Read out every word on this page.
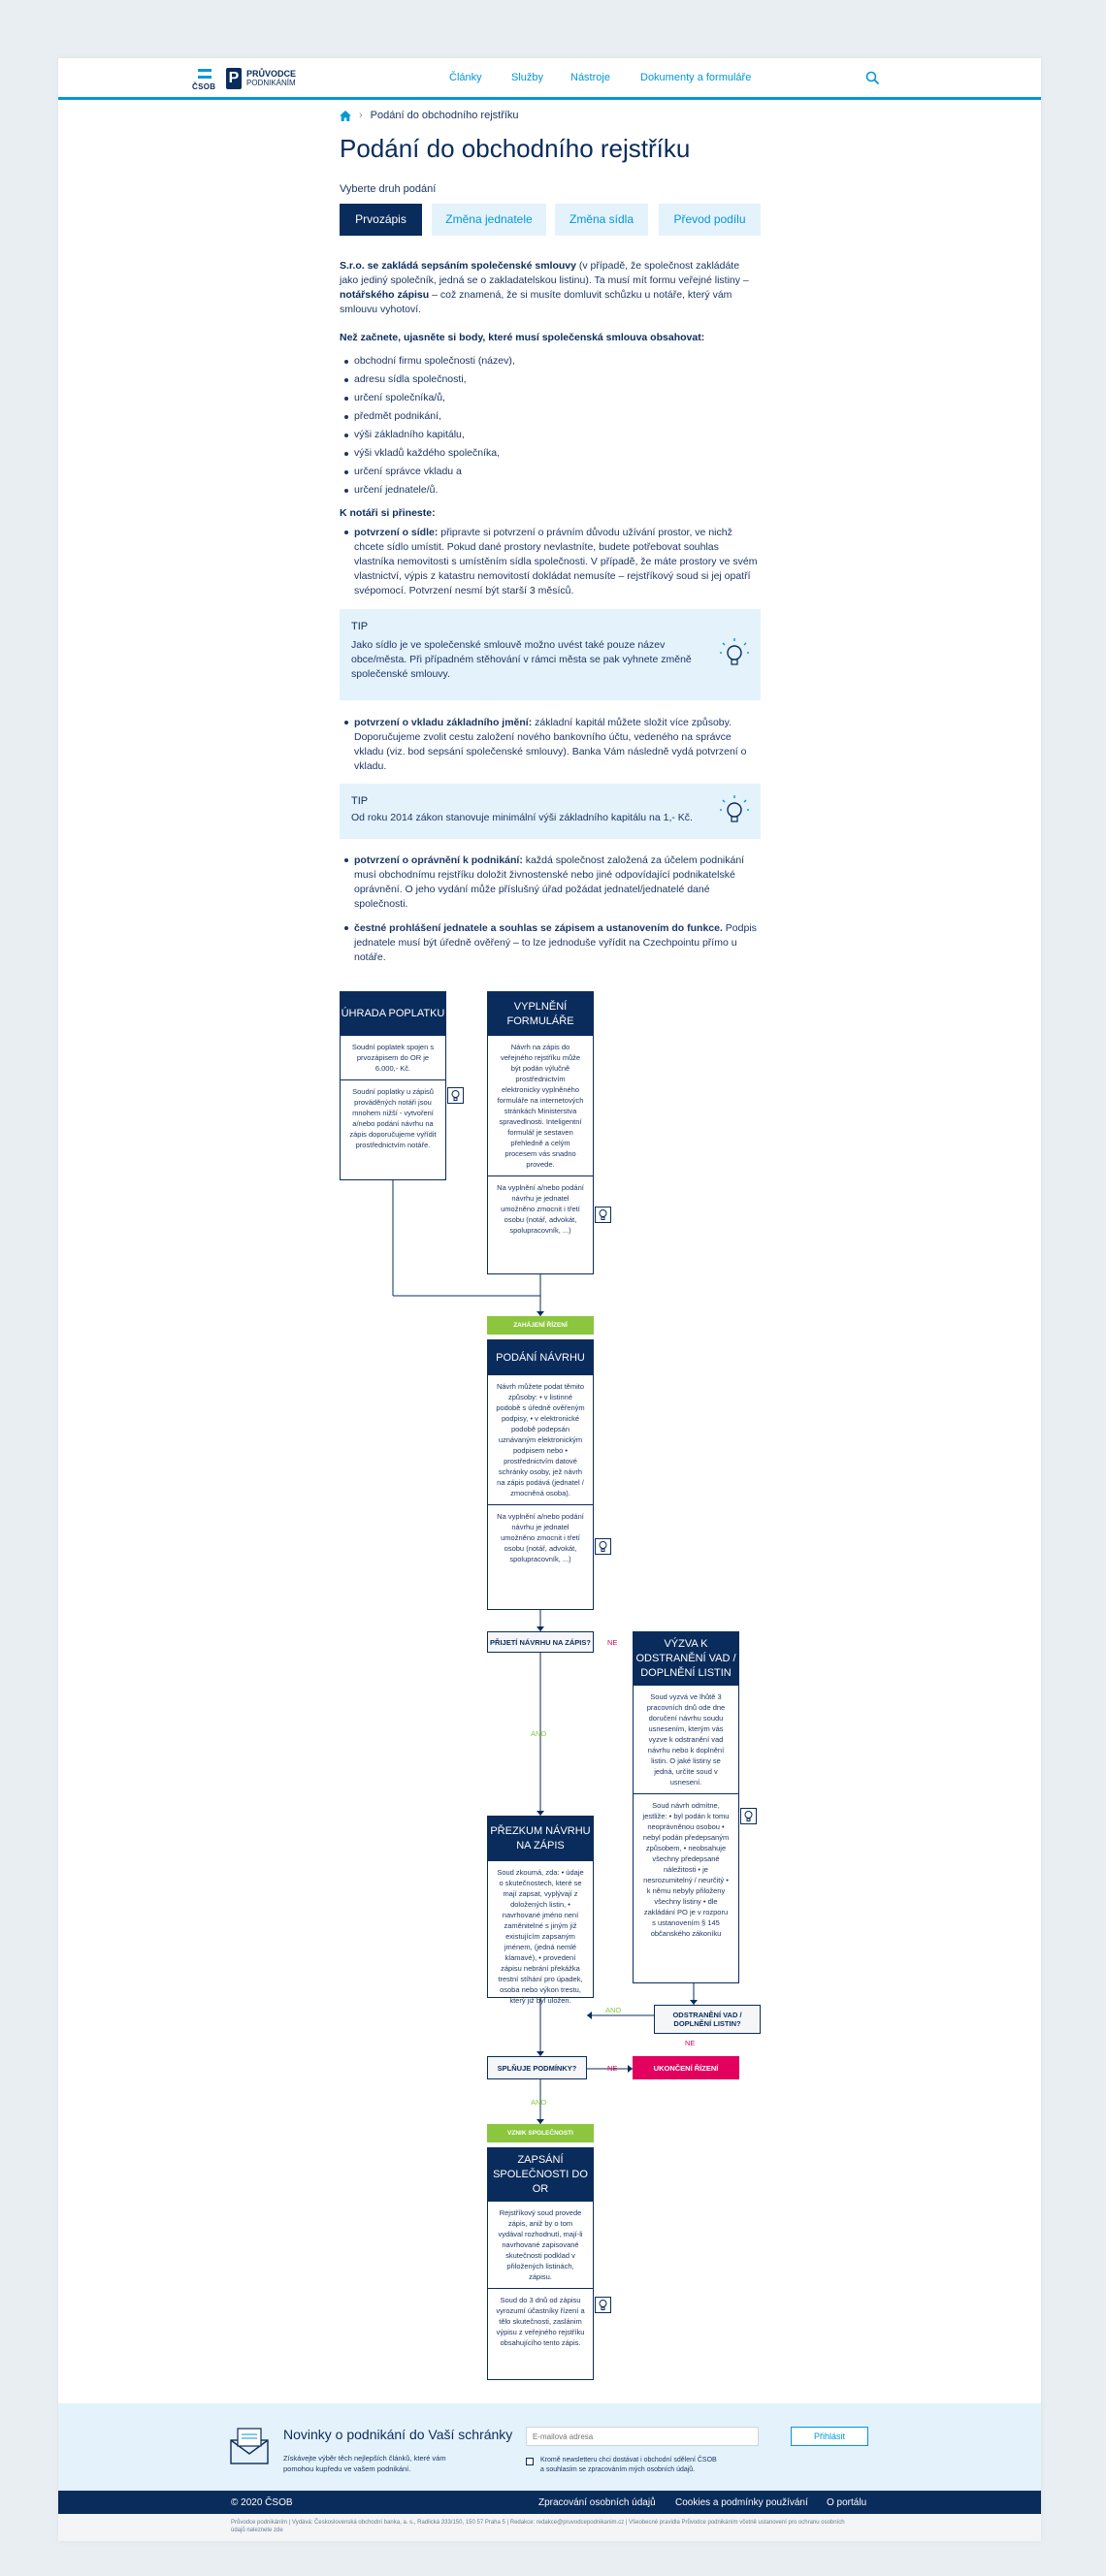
ČSOB
P PRŮVODCE
PODNIKÁNÍM	Články	Služby	Nástroje	Dokumenty a formuláře
› Podání do obchodního rejstříku
Podání do obchodního rejstříku
Vyberte druh podání
Prvozápis	Změna jednatele	Změna sídla	Převod podílu
S.r.o. se zakládá sepsáním společenské smlouvy (v případě, že společnost zakládáte jako jediný společník, jedná se o zakladatelskou listinu). Ta musí mít formu veřejné listiny – notářského zápisu – což znamená, že si musíte domluvit schůzku u notáře, který vám smlouvu vyhotoví.
Než začnete, ujasněte si body, které musí společenská smlouva obsahovat:
obchodní firmu společnosti (název),
adresu sídla společnosti,
určení společníka/ů,
předmět podnikání,
výši základního kapitálu,
výši vkladů každého společníka,
určení správce vkladu a
určení jednatele/ů.
K notáři si přineste:
potvrzení o sídle: připravte si potvrzení o právním důvodu užívání prostor, ve nichž chcete sídlo umístit. Pokud dané prostory nevlastníte, budete potřebovat souhlas vlastníka nemovitosti s umístěním sídla společnosti. V případě, že máte prostory ve svém vlastnictví, výpis z katastru nemovitostí dokládat nemusíte – rejstříkový soud si jej opatří svépomocí. Potvrzení nesmí být starší 3 měsíců.
TIP
Jako sídlo je ve společenské smlouvě možno uvést také pouze název obce/města. Při případném stěhování v rámci města se pak vyhnete změně společenské smlouvy.
potvrzení o vkladu základního jmění: základní kapitál můžete složit více způsoby. Doporučujeme zvolit cestu založení nového bankovního účtu, vedeného na správce vkladu (viz. bod sepsání společenské smlouvy). Banka Vám následně vydá potvrzení o vkladu.
TIP
Od roku 2014 zákon stanovuje minimální výši základního kapitálu na 1,- Kč.
potvrzení o oprávnění k podnikání: každá společnost založená za účelem podnikání musí obchodnímu rejstříku doložit živnostenské nebo jiné odpovídající podnikatelské oprávnění. O jeho vydání může příslušný úřad požádat jednatel/jednatelé dané společnosti.
čestné prohlášení jednatele a souhlas se zápisem a ustanovením do funkce. Podpis jednatele musí být úředně ověřený – to lze jednoduše vyřídit na Czechpointu přímo u notáře.
ÚHRADA POPLATKU
Soudní poplatek spojen s prvozápisem do OR je 6.000,- Kč.
Soudní poplatky u zápisů prováděných notáři jsou mnohem nižší - vytvoření a/nebo podání návrhu na zápis doporučujeme vyřídit prostřednictvím notáře.
VYPLNĚNÍ FORMULÁŘE
Návrh na zápis do veřejného rejstříku může být podán výlučně prostřednictvím elektronicky vyplněného formuláře na internetových stránkách Ministerstva spravedlnosti. Inteligentní formulář je sestaven přehledně a celým procesem vás snadno provede.
Na vyplnění a/nebo podání návrhu je jednatel umožněno zmocnit i třetí osobu (notář, advokát, spolupracovník, ...)
ZAHÁJENÍ ŘÍZENÍ
PODÁNÍ NÁVRHU
Návrh můžete podat těmito způsoby: • v listinné podobě s úředně ověřeným podpisy, • v elektronické podobě podepsán uznávaným elektronickým podpisem nebo • prostřednictvím datové schránky osoby, jež návrh na zápis podává (jednatel / zmocněná osoba).
Na vyplnění a/nebo podání návrhu je jednatel umožněno zmocnit i třetí osobu (notář, advokát, spolupracovník, ...)
PŘIJETÍ NÁVRHU NA ZÁPIS?	NE
ANO
VÝZVA K ODSTRANĚNÍ VAD / DOPLNĚNÍ LISTIN
Soud vyzvá ve lhůtě 3 pracovních dnů ode dne doručení návrhu soudu usnesením, kterým vás vyzve k odstranění vad návrhu nebo k doplnění listin. O jaké listiny se jedná, určíte soud v usnesení.
Soud návrh odmítne, jestliže: • byl podán k tomu neoprávněnou osobou • nebyl podán předepsaným způsobem, • neobsahuje všechny předepsané náležitosti • je nesrozumitelný / neurčitý • k němu nebyly přiloženy všechny listiny • dle zakládání PO je v rozporu s ustanovením § 145 občanského zákoníku
PŘEZKUM NÁVRHU NA ZÁPIS
Soud zkoumá, zda: • údaje o skutečnostech, které se mají zapsat, vyplývají z doložených listin, • navrhované jméno není zaměnitelné s jiným již existujícím zapsaným jménem, (jedná nemlé klamavé), • provedení zápisu nebrání překážka trestní stíhání pro úpadek, osoba nebo výkon trestu, který již byl uložen.
ODSTRANĚNÍ VAD / DOPLNĚNÍ LISTIN?
NE
ANO
SPLŇUJE PODMÍNKY?	NE	UKONČENÍ ŘÍZENÍ
ANO
VZNIK SPOLEČNOSTI
ZAPSÁNÍ SPOLEČNOSTI DO OR
Rejstříkový soud provede zápis, aniž by o tom vydával rozhodnutí, mají-li navrhované zapisované skutečnosti podklad v přiložených listinách, zápisu.
Soud do 3 dnů od zápisu vyrozumí účastníky řízení a tělo skutečnosti, zaslánim výpisu z veřejného rejstříku obsahujícího tento zápis.
Novinky o podnikání do Vaší schránky
Získávejte výběr těch nejlepších článků, které vám pomohou kupředu ve vašem podnikání.
E-mailová adresa
Přihlásit
Kromě newsletteru chci dostávat i obchodní sdělení ČSOB
a souhlasím se zpracováním mých osobních údajů.
© 2020 ČSOB	Zpracování osobních údajů Cookies a podmínky používání O portálu
Průvodce podnikáním | Vydává: Československá obchodní banka, a. s., Radlická 333/150, 150 57 Praha 5 | Redakce: redakce@pruvodcepodnikanim.cz | Všeobecné pravidla Průvodce podnikáním včetně ustanovení pro ochranu osobních údajů naleznete zde
